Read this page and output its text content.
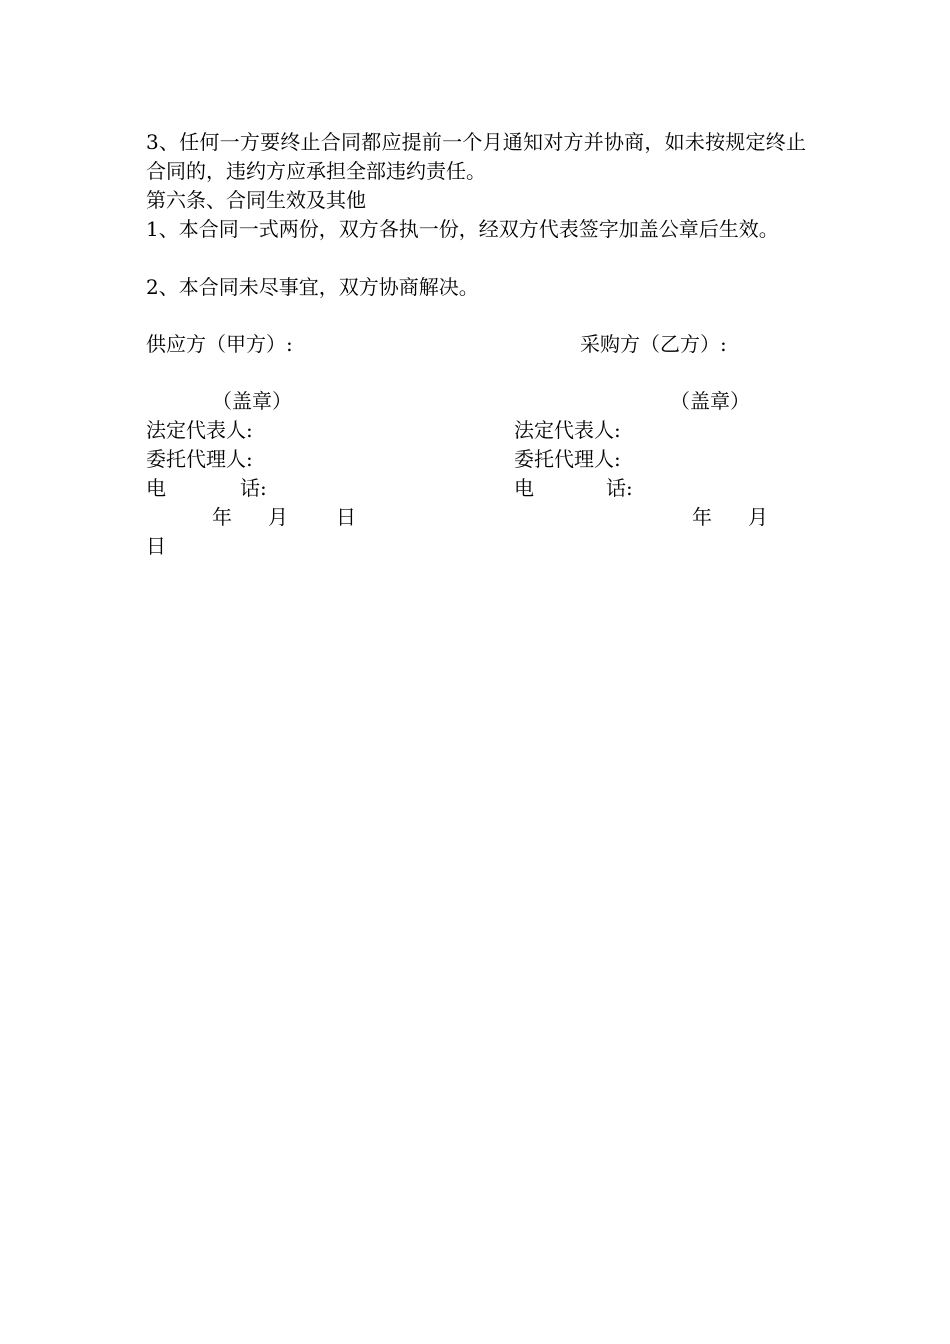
3、任何一方要终止合同都应提前一个月通知对方并协商，如未按规定终止合同的，违约方应承担全部违约责任。
第六条、合同生效及其他
1、本合同一式两份，双方各执一份，经双方代表签字加盖公章后生效。
2、本合同未尽事宜，双方协商解决。
供应方（甲方）:	采购方（乙方）:
（盖章）	（盖章）
法定代表人:	法定代表人:
委托代理人:	委托代理人:
电	话:	电	话:
年 月 日	年 月
日
